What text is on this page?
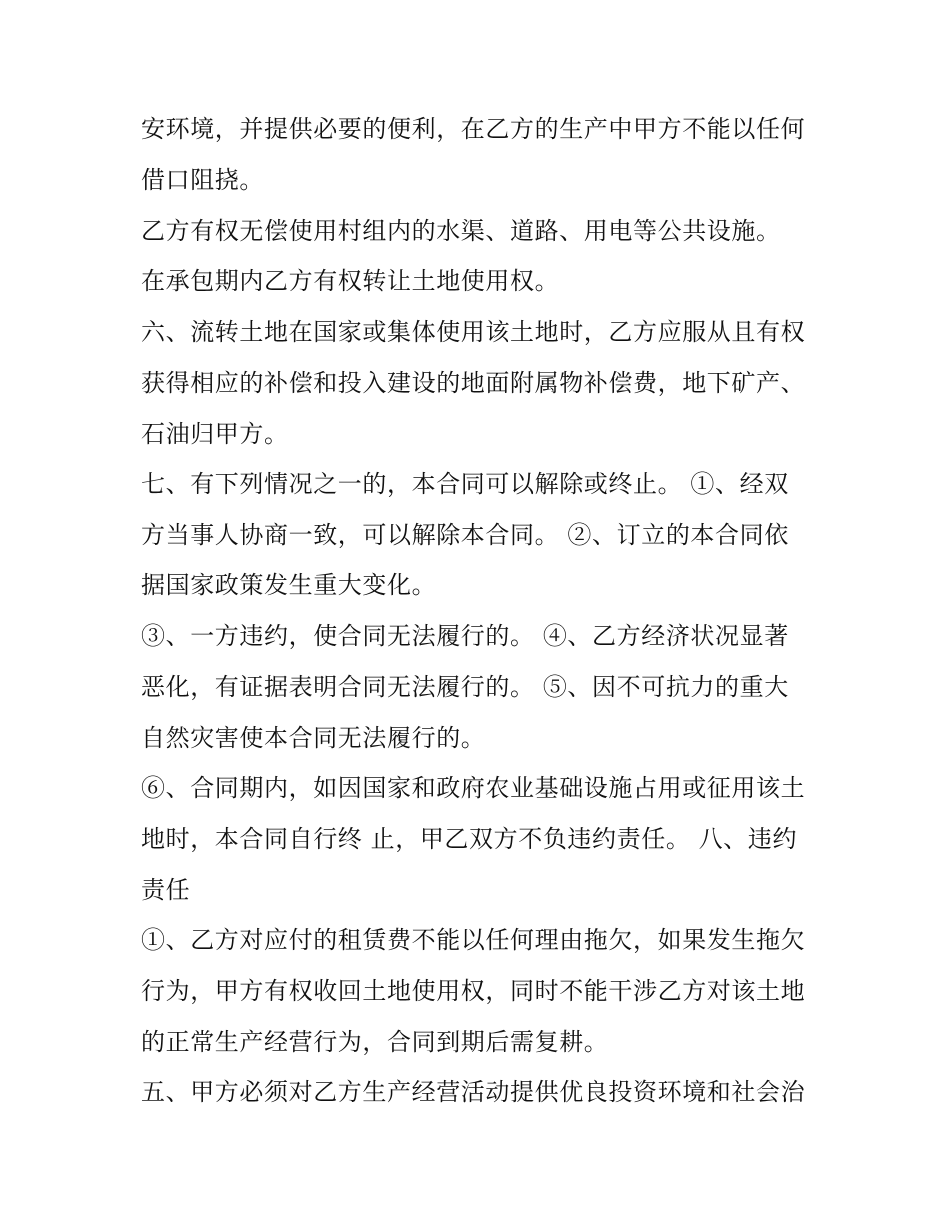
安环境，并提供必要的便利，在乙方的生产中甲方不能以任何
借口阻挠。
乙方有权无偿使用村组内的水渠、道路、用电等公共设施。
在承包期内乙方有权转让土地使用权。
六、流转土地在国家或集体使用该土地时，乙方应服从且有权
获得相应的补偿和投入建设的地面附属物补偿费，地下矿产、
石油归甲方。
七、有下列情况之一的，本合同可以解除或终止。 ①、经双
方当事人协商一致，可以解除本合同。 ②、订立的本合同依
据国家政策发生重大变化。
③、一方违约，使合同无法履行的。 ④、乙方经济状况显著
恶化，有证据表明合同无法履行的。 ⑤、因不可抗力的重大
自然灾害使本合同无法履行的。
⑥、合同期内，如因国家和政府农业基础设施占用或征用该土
地时，本合同自行终 止，甲乙双方不负违约责任。 八、违约
责任
①、乙方对应付的租赁费不能以任何理由拖欠，如果发生拖欠
行为，甲方有权收回土地使用权，同时不能干涉乙方对该土地
的正常生产经营行为，合同到期后需复耕。
五、甲方必须对乙方生产经营活动提供优良投资环境和社会治
